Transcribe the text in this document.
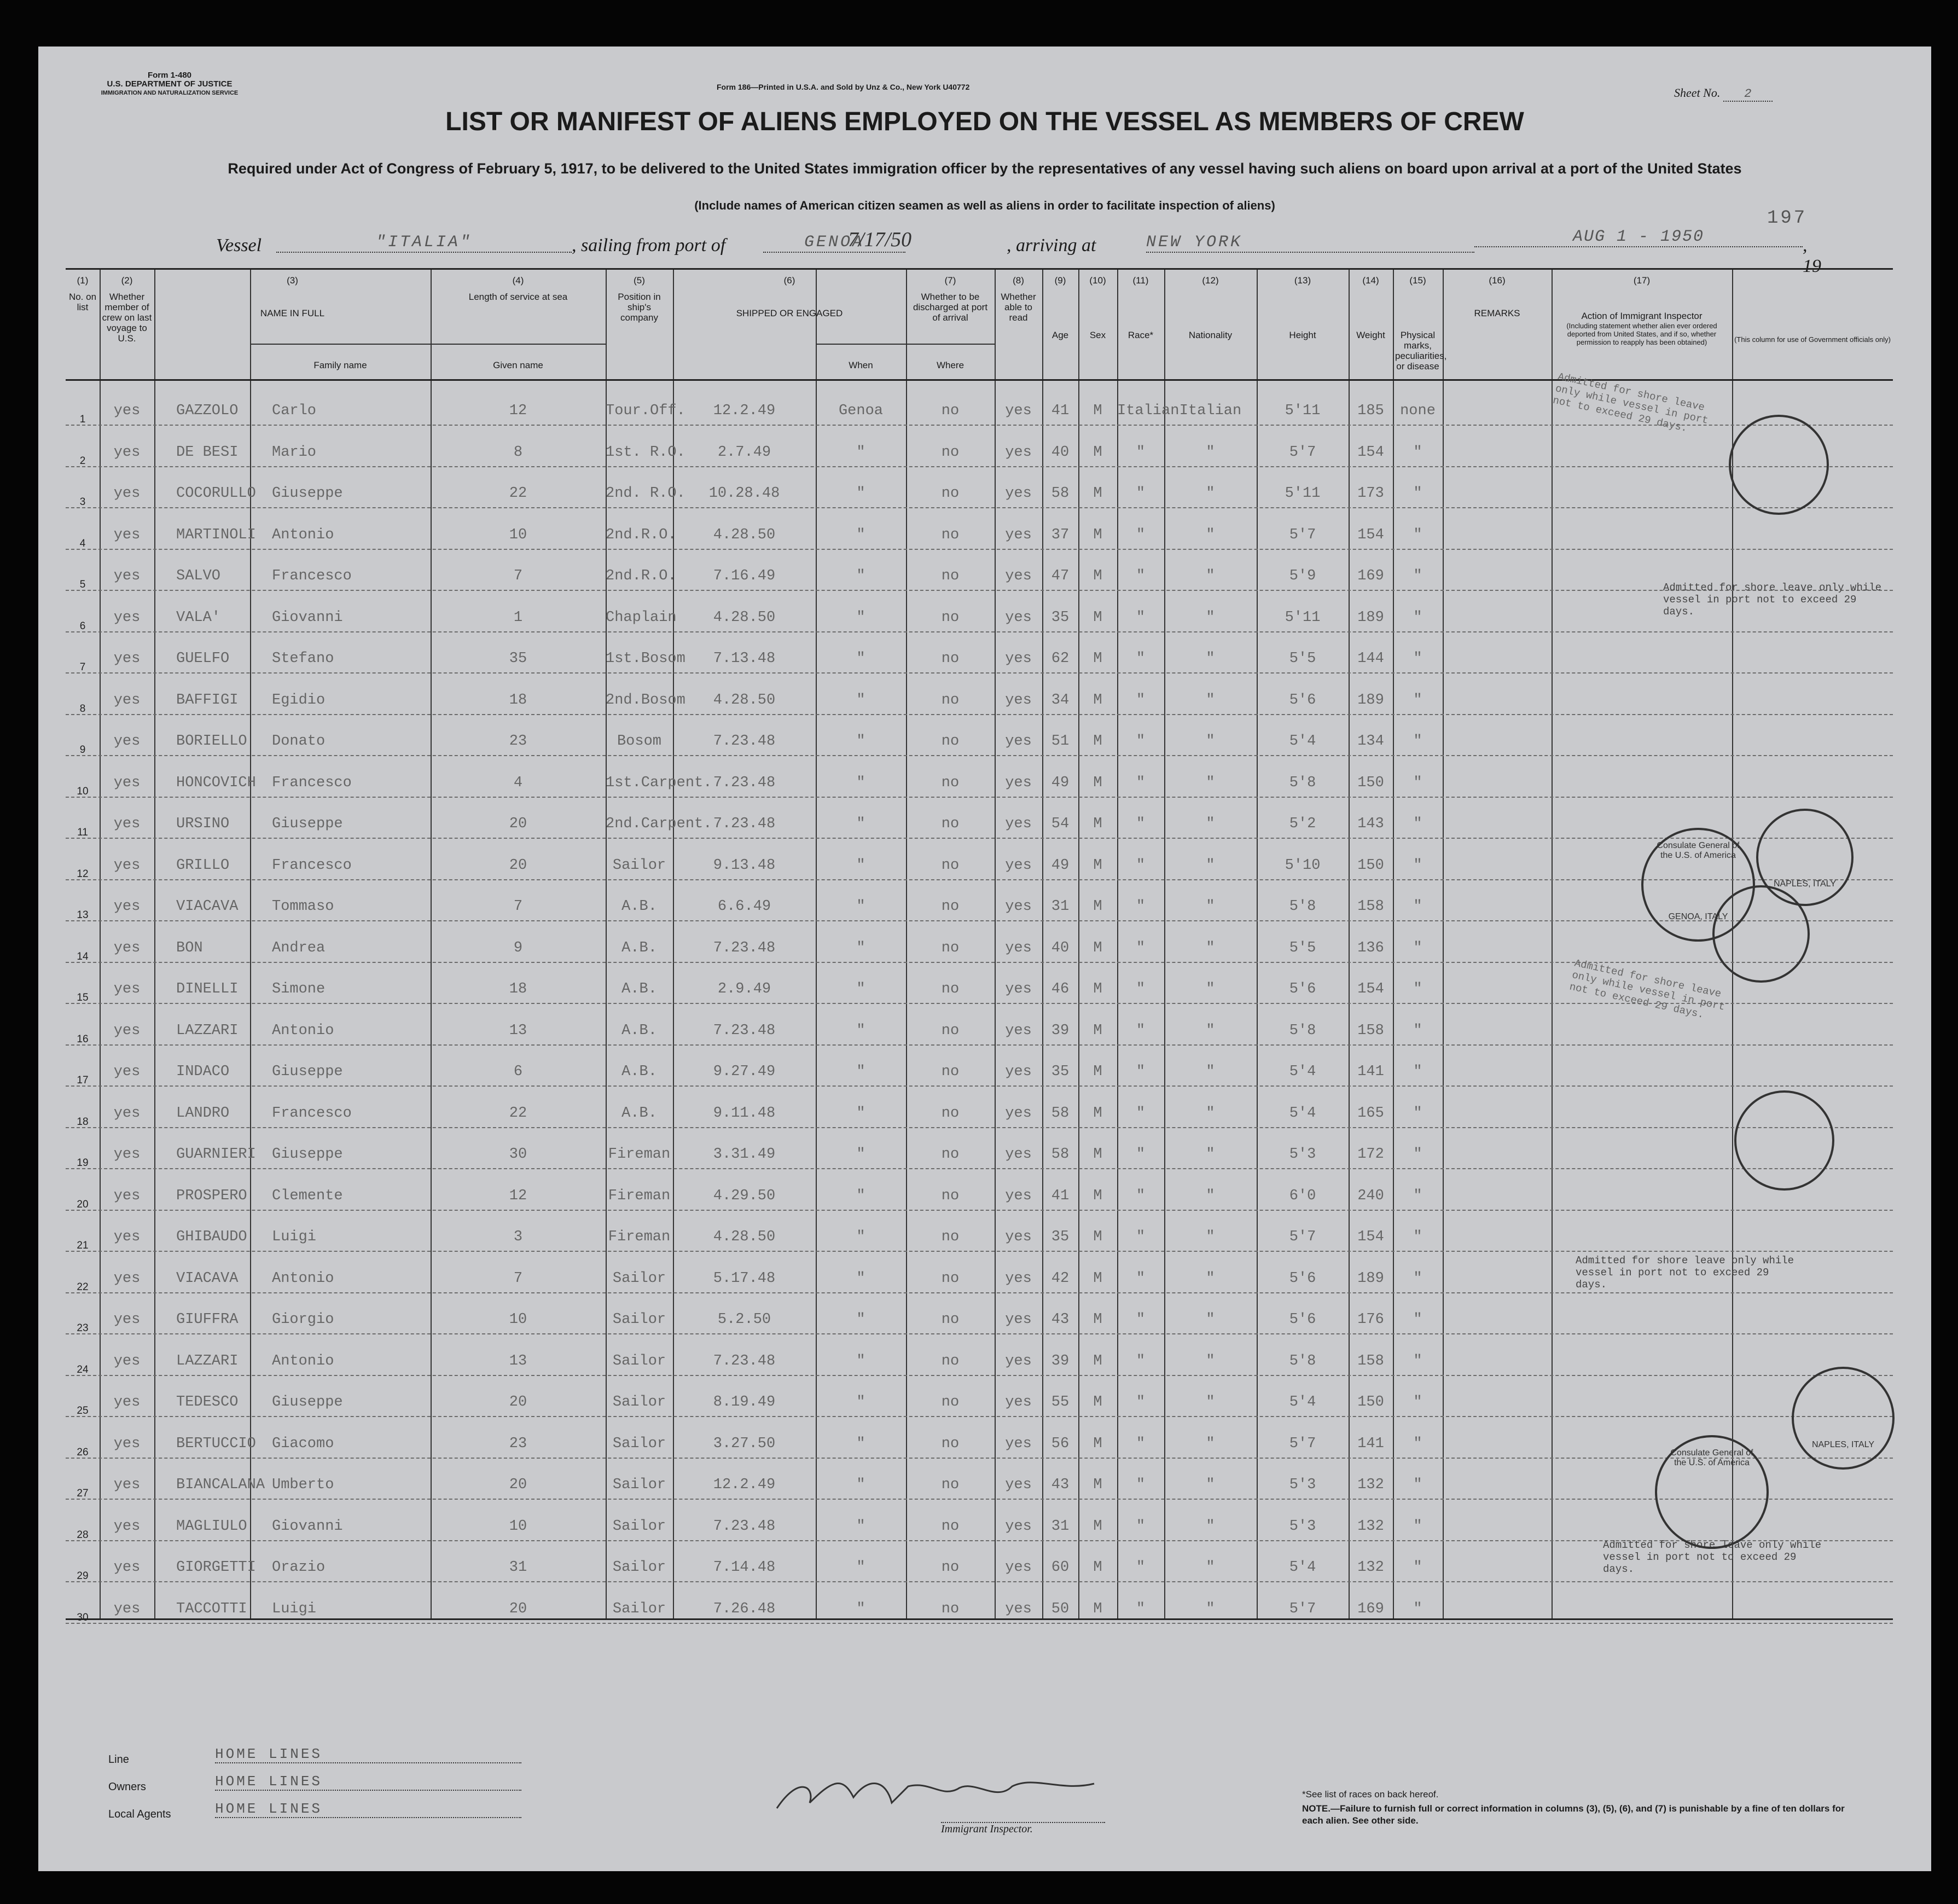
Form 1-480
U.S. DEPARTMENT OF JUSTICE
IMMIGRATION AND NATURALIZATION SERVICE
Form 186—Printed in U.S.A. and Sold by Unz & Co., New York U40772	Sheet No. 2
LIST OR MANIFEST OF ALIENS EMPLOYED ON THE VESSEL AS MEMBERS OF CREW
Required under Act of Congress of February 5, 1917, to be delivered to the United States immigration officer by the representatives of any vessel having such aliens on board upon arrival at a port of the United States
(Include names of American citizen seamen as well as aliens in order to facilitate inspection of aliens)
197
Vessel	"ITALIA"	, sailing from port of	GENOA
7/17/50	, arriving at	NEW YORK	AUG 1 - 1950	, 19
(1)
No. on list
(2)
Whether member of crew on last voyage to U.S.
(3)
NAME IN FULL
(4)
Length of service at sea
(5)
Position in ship's company
(6)
SHIPPED OR ENGAGED
(7)
Whether to be discharged at port of arrival
(8)
Whether able to read
(9)
Age
(10)
Sex
(11)
Race*
(12)
Nationality
(13)
Height
(14)
Weight
(15)
Physical marks, peculiarities, or disease
(16)
REMARKS
(17)
Action of Immigrant Inspector
Family name	Given name	When	Where
(Including statement whether alien ever ordered deported from United States, and if so, whether permission to reapply has been obtained)	(This column for use of Government officials only)
1
yes	GAZZOLO	Carlo	12	Tour.Off.	12.2.49	Genoa	no	yes	41	M	Italian Italian	5'11	185	none
2
yes	DE BESI	Mario	8	1st. R.O.	2.7.49	"	no	yes	40	M	"	"	5'7	154	"
3
yes	COCORULLO	Giuseppe	22	2nd. R.O.	10.28.48	"	no	yes	58	M	"	"	5'11	173	"
4
yes	MARTINOLI	Antonio	10	2nd.R.O.	4.28.50	"	no	yes	37	M	"	"	5'7	154	"
5
yes	SALVO	Francesco	7	2nd.R.O.	7.16.49	"	no	yes	47	M	"	"	5'9	169	"
6
yes	VALA'	Giovanni	1	Chaplain	4.28.50	"	no	yes	35	M	"	"	5'11	189	"
7
yes	GUELFO	Stefano	35	1st.Bosom	7.13.48	"	no	yes	62	M	"	"	5'5	144	"
8
yes	BAFFIGI	Egidio	18	2nd.Bosom	4.28.50	"	no	yes	34	M	"	"	5'6	189	"
9
yes	BORIELLO	Donato	23	Bosom	7.23.48	"	no	yes	51	M	"	"	5'4	134	"
10
yes	HONCOVICH	Francesco	4	1st.Carpent. 7.23.48	"	no	yes	49	M	"	"	5'8	150	"
11
yes	URSINO	Giuseppe	20	2nd.Carpent. 7.23.48	"	no	yes	54	M	"	"	5'2	143	"
12
yes	GRILLO	Francesco	20	Sailor	9.13.48	"	no	yes	49	M	"	"	5'10	150	"
13
yes	VIACAVA	Tommaso	7	A.B.	6.6.49	"	no	yes	31	M	"	"	5'8	158	"
14
yes	BON	Andrea	9	A.B.	7.23.48	"	no	yes	40	M	"	"	5'5	136	"
15
yes	DINELLI	Simone	18	A.B.	2.9.49	"	no	yes	46	M	"	"	5'6	154	"
16
yes	LAZZARI	Antonio	13	A.B.	7.23.48	"	no	yes	39	M	"	"	5'8	158	"
17
yes	INDACO	Giuseppe	6	A.B.	9.27.49	"	no	yes	35	M	"	"	5'4	141	"
18
yes	LANDRO	Francesco	22	A.B.	9.11.48	"	no	yes	58	M	"	"	5'4	165	"
19
yes	GUARNIERI	Giuseppe	30	Fireman	3.31.49	"	no	yes	58	M	"	"	5'3	172	"
20
yes	PROSPERO	Clemente	12	Fireman	4.29.50	"	no	yes	41	M	"	"	6'0	240	"
21
yes	GHIBAUDO	Luigi	3	Fireman	4.28.50	"	no	yes	35	M	"	"	5'7	154	"
22
yes	VIACAVA	Antonio	7	Sailor	5.17.48	"	no	yes	42	M	"	"	5'6	189	"
23
yes	GIUFFRA	Giorgio	10	Sailor	5.2.50	"	no	yes	43	M	"	"	5'6	176	"
24
yes	LAZZARI	Antonio	13	Sailor	7.23.48	"	no	yes	39	M	"	"	5'8	158	"
25
yes	TEDESCO	Giuseppe	20	Sailor	8.19.49	"	no	yes	55	M	"	"	5'4	150	"
26
yes	BERTUCCIO	Giacomo	23	Sailor	3.27.50	"	no	yes	56	M	"	"	5'7	141	"
27
yes	BIANCALANA Umberto	20	Sailor	12.2.49	"	no	yes	43	M	"	"	5'3	132	"
28
yes	MAGLIULO	Giovanni	10	Sailor	7.23.48	"	no	yes	31	M	"	"	5'3	132	"
29
yes	GIORGETTI	Orazio	31	Sailor	7.14.48	"	no	yes	60	M	"	"	5'4	132	"
30
yes	TACCOTTI	Luigi	20	Sailor	7.26.48	"	no	yes	50	M	"	"	5'7	169	"
Admitted for shore leave only while vessel in port not to exceed 29 days.
Admitted for shore leave only while vessel in port not to exceed 29 days.
Admitted for shore leave only while vessel in port not to exceed 29 days.
Admitted for shore leave only while vessel in port not to exceed 29 days.
Admitted for shore leave only while vessel in port not to exceed 29 days.
Consulate General of the U.S. of America
GENOA, ITALY
NAPLES, ITALY
Consulate General of the U.S. of America
NAPLES, ITALY
Line	HOME LINES
Owners	HOME LINES
Local Agents	HOME LINES
Immigrant Inspector.
*See list of races on back hereof.
NOTE.—Failure to furnish full or correct information in columns (3), (5), (6), and (7) is punishable by a fine of ten dollars for each alien. See other side.
